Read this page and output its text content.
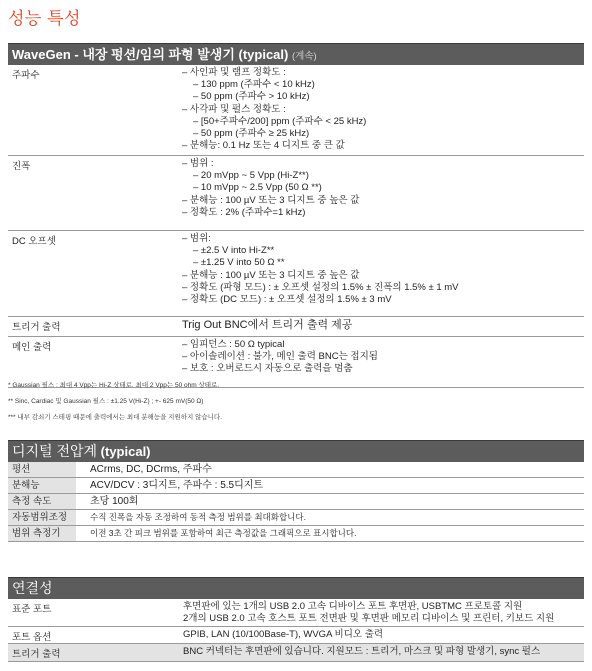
성능 특성
WaveGen - 내장 펑션/임의 파형 발생기 (typical) (계속)
주파수	– 사인파 및 램프 정확도 :
– 130 ppm (주파수 < 10 kHz)
– 50 ppm (주파수 > 10 kHz)
– 사각파 및 펄스 정확도 :
– [50+주파수/200] ppm (주파수 < 25 kHz)
– 50 ppm (주파수 ≥ 25 kHz)
– 분해능: 0.1 Hz 또는 4 디지트 중 큰 값
진폭	– 범위 :
– 20 mVpp ~ 5 Vpp (Hi-Z**)
– 10 mVpp ~ 2.5 Vpp (50 Ω **)
– 분해능 : 100 µV 또는 3 디지트 중 높은 값
– 정확도 : 2% (주파수=1 kHz)
DC 오프셋	– 범위:
– ±2.5 V into Hi-Z**
– ±1.25 V into 50 Ω **
– 분해능 : 100 µV 또는 3 디지트 중 높은 값
– 정확도 (파형 모드) : ± 오프셋 설정의 1.5% ± 진폭의 1.5% ± 1 mV
– 정확도 (DC 모드) : ± 오프셋 설정의 1.5% ± 3 mV
트리거 출력	Trig Out BNC에서 트리거 출력 제공
메인 출력	– 임피던스 : 50 Ω typical
– 아이솔레이션 : 불가, 메인 출력 BNC는 접지됨
– 보호 : 오버로드시 자동으로 출력을 멈춤
* Gaussian 필스 : 최대 4 Vpp는 Hi-Z 상태로. 최대 2 Vpp는 50 ohm 상태로.
** Sinc, Cardiac 및 Gaussian 필스 : ±1.25 V(Hi-Z) ; +- 625 mV(50 Ω)
*** 내부 감쇠기 스테핑 때문에 출력에서는 최대 분해능을 지원하지 않습니다.
디지털 전압계 (typical)
평션	ACrms, DC, DCrms, 주파수
분해능	ACV/DCV : 3디지트, 주파수 : 5.5디지트
측정 속도	초당 100회
자동범위조정	수직 진폭을 자동 조정하여 동적 측정 범위를 최대화합니다.
범위 측정기	이전 3초 간 피크 범위를 포함하여 최근 측정값을 그래픽으로 표시합니다.
연결성
표준 포트	후면판에 있는 1개의 USB 2.0 고속 디바이스 포트 후면판, USBTMC 프로토콜 지원
2개의 USB 2.0 고속 호스트 포트 전면판 및 후면판 메모리 디바이스 및 프린터, 키보드 지원
포트 옵션	GPIB, LAN (10/100Base-T), WVGA 비디오 출력
트리거 출력	BNC 커넥터는 후면판에 있습니다. 지원모드 : 트리거, 마스크 및 파형 발생기, sync 펄스
